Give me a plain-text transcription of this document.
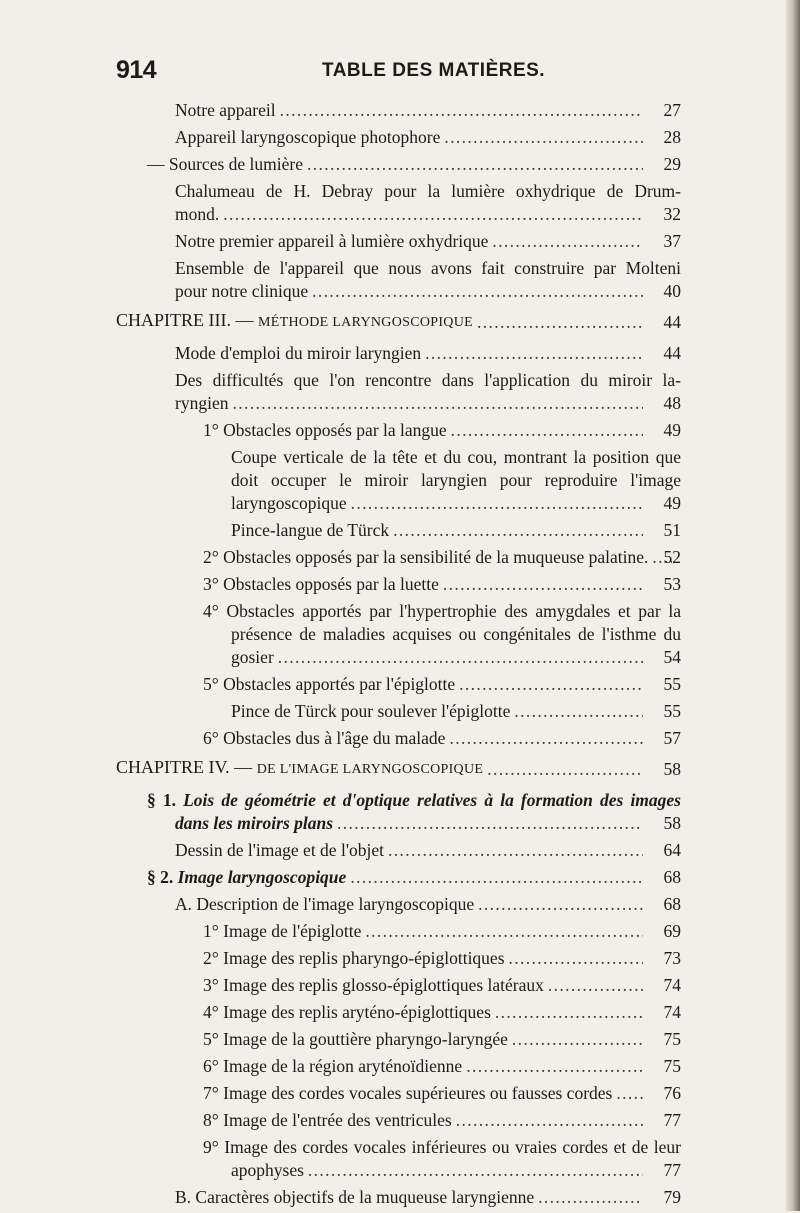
914	TABLE DES MATIÈRES.
Notre appareil . . .	27
Appareil laryngoscopique photophore . . .	28
— Sources de lumière . . .	29
Chalumeau de H. Debray pour la lumière oxhydrique de Drum-
mond. . . .	32
Notre premier appareil à lumière oxhydrique . . .	37
Ensemble de l'appareil que nous avons fait construire par Molteni
pour notre clinique . . .	40
CHAPITRE III. — MÉTHODE LARYNGOSCOPIQUE . . .	44
Mode d'emploi du miroir laryngien . . .	44
Des difficultés que l'on rencontre dans l'application du miroir la-
ryngien . . .	48
1° Obstacles opposés par la langue . . .	49
Coupe verticale de la tête et du cou, montrant la position que
doit occuper le miroir laryngien pour reproduire l'image
laryngoscopique . . .	49
Pince-langue de Türck . . .	51
2° Obstacles opposés par la sensibilité de la muqueuse palatine. . . . 52
3° Obstacles opposés par la luette . . .	53
4° Obstacles apportés par l'hypertrophie des amygdales et par la
présence de maladies acquises ou congénitales de l'isthme du
gosier . . .	54
5° Obstacles apportés par l'épiglotte . . .	55
Pince de Türck pour soulever l'épiglotte . . .	55
6° Obstacles dus à l'âge du malade . . .	57
CHAPITRE IV. — DE L'IMAGE LARYNGOSCOPIQUE . . .	58
§ 1. Lois de géométrie et d'optique relatives à la formation des images
dans les miroirs plans . . .	58
Dessin de l'image et de l'objet . . .	64
§ 2. Image laryngoscopique . . .	68
A. Description de l'image laryngoscopique . . .	68
1° Image de l'épiglotte . . .	69
2° Image des replis pharyngo-épiglottiques . . .	73
3° Image des replis glosso-épiglottiques latéraux . . .	74
4° Image des replis aryténo-épiglottiques . . .	74
5° Image de la gouttière pharyngo-laryngée . . .	75
6° Image de la région aryténoïdienne . . .	75
7° Image des cordes vocales supérieures ou fausses cordes . . .	76
8° Image de l'entrée des ventricules . . .	77
9° Image des cordes vocales inférieures ou vraies cordes et de leur
apophyses . . .	77
B. Caractères objectifs de la muqueuse laryngienne . . .	79
